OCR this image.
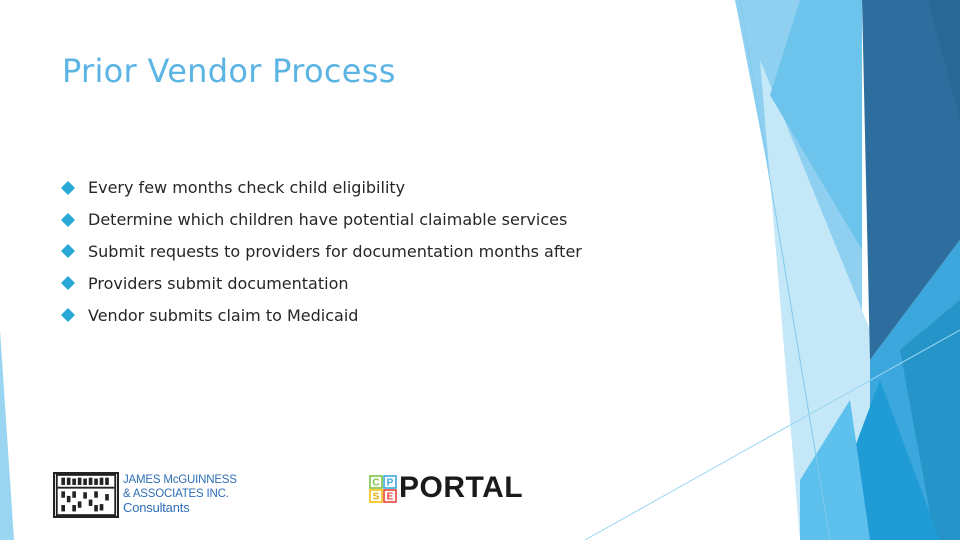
Prior Vendor Process
Every few months check child eligibility
Determine which children have potential claimable services
Submit requests to providers for documentation months after
Providers submit documentation
Vendor submits claim to Medicaid
JAMES McGUINNESS
& ASSOCIATES INC.

Consultants
C P
S E PORTAL
